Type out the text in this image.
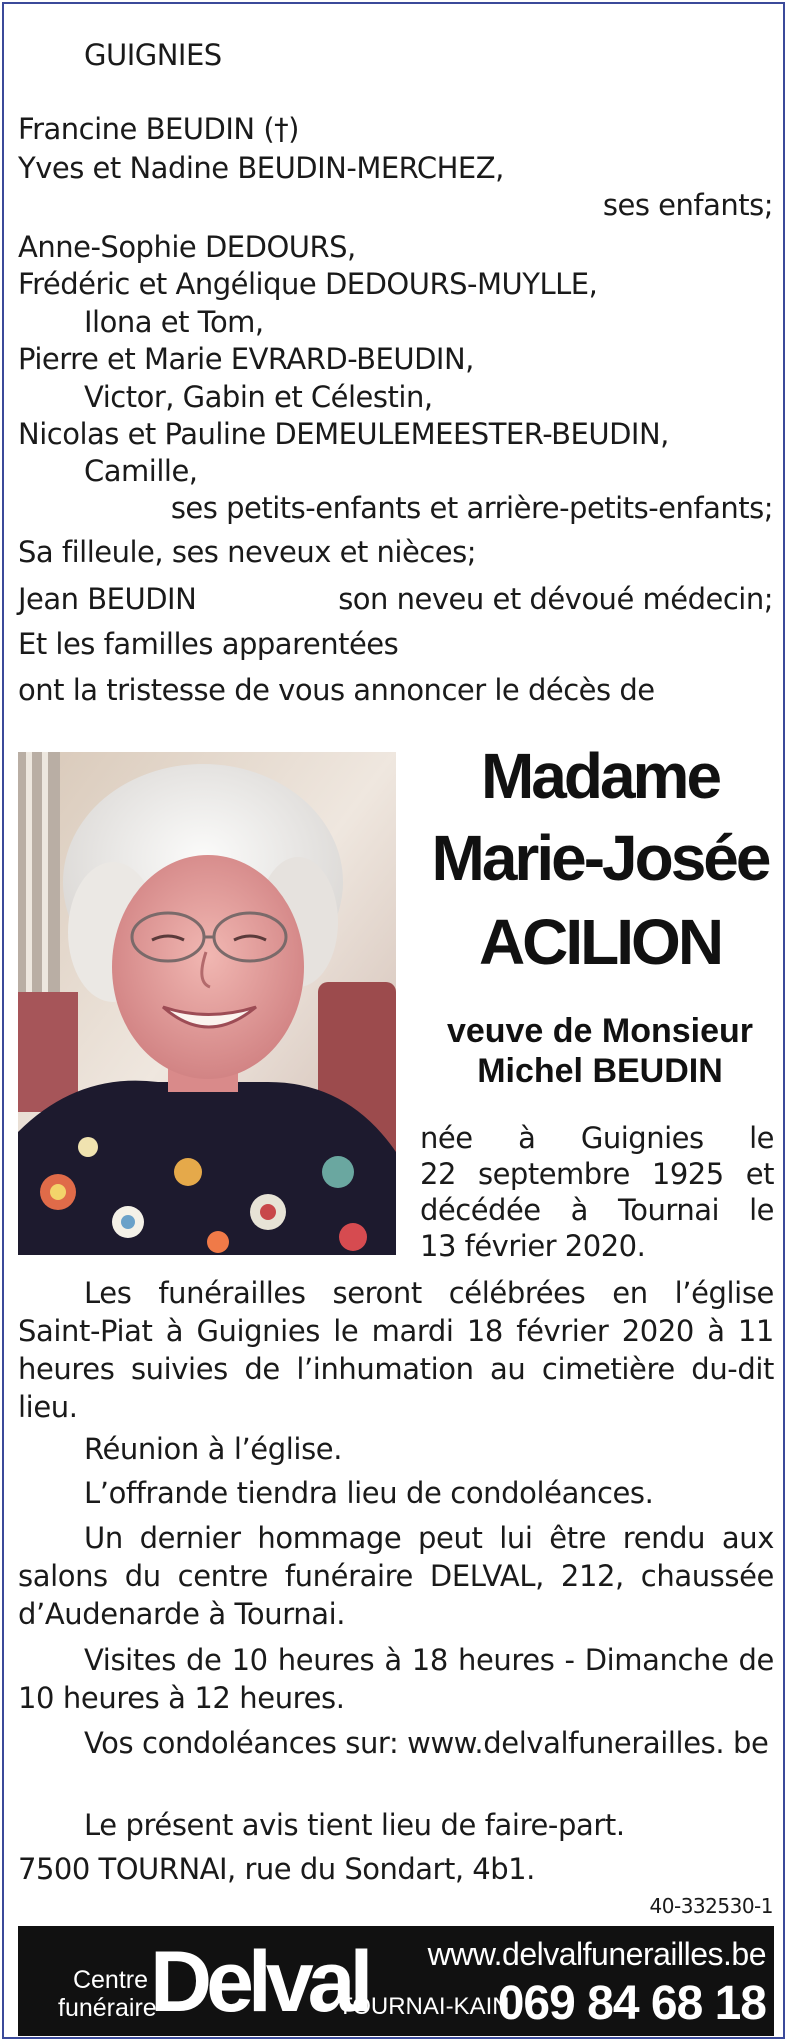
GUIGNIES
Francine BEUDIN (†)
Yves et Nadine BEUDIN-MERCHEZ,
ses enfants;
Anne-Sophie DEDOURS,
Frédéric et Angélique DEDOURS-MUYLLE,
Ilona et Tom,
Pierre et Marie EVRARD-BEUDIN,
Victor, Gabin et Célestin,
Nicolas et Pauline DEMEULEMEESTER-BEUDIN,
Camille,
ses petits-enfants et arrière-petits-enfants;
Sa filleule, ses neveux et nièces;
Jean BEUDIN	son neveu et dévoué médecin;
Et les familles apparentées
ont la tristesse de vous annoncer le décès de
Madame
Marie-Josée
ACILION
veuve de Monsieur
Michel BEUDIN
née à Guignies le
22 septembre 1925 et
décédée à Tournai le
13 février 2020.
Les funérailles seront célébrées en l’église Saint-Piat à Guignies le mardi 18 février 2020 à 11 heures suivies de l’inhumation au cimetière du-dit lieu.
Réunion à l’église.
L’offrande tiendra lieu de condoléances.
Un dernier hommage peut lui être rendu aux salons du centre funéraire DELVAL, 212, chaussée d’Audenarde à Tournai.
Visites de 10 heures à 18 heures - Dimanche de 10 heures à 12 heures.
Vos condoléances sur: www.delvalfunerailles. be
Le présent avis tient lieu de faire-part.
7500 TOURNAI, rue du Sondart, 4b1.
40-332530-1
Centre
funéraire
Delval www.delvalfunerailles.be
TOURNAI-KAIN
069 84 68 18
